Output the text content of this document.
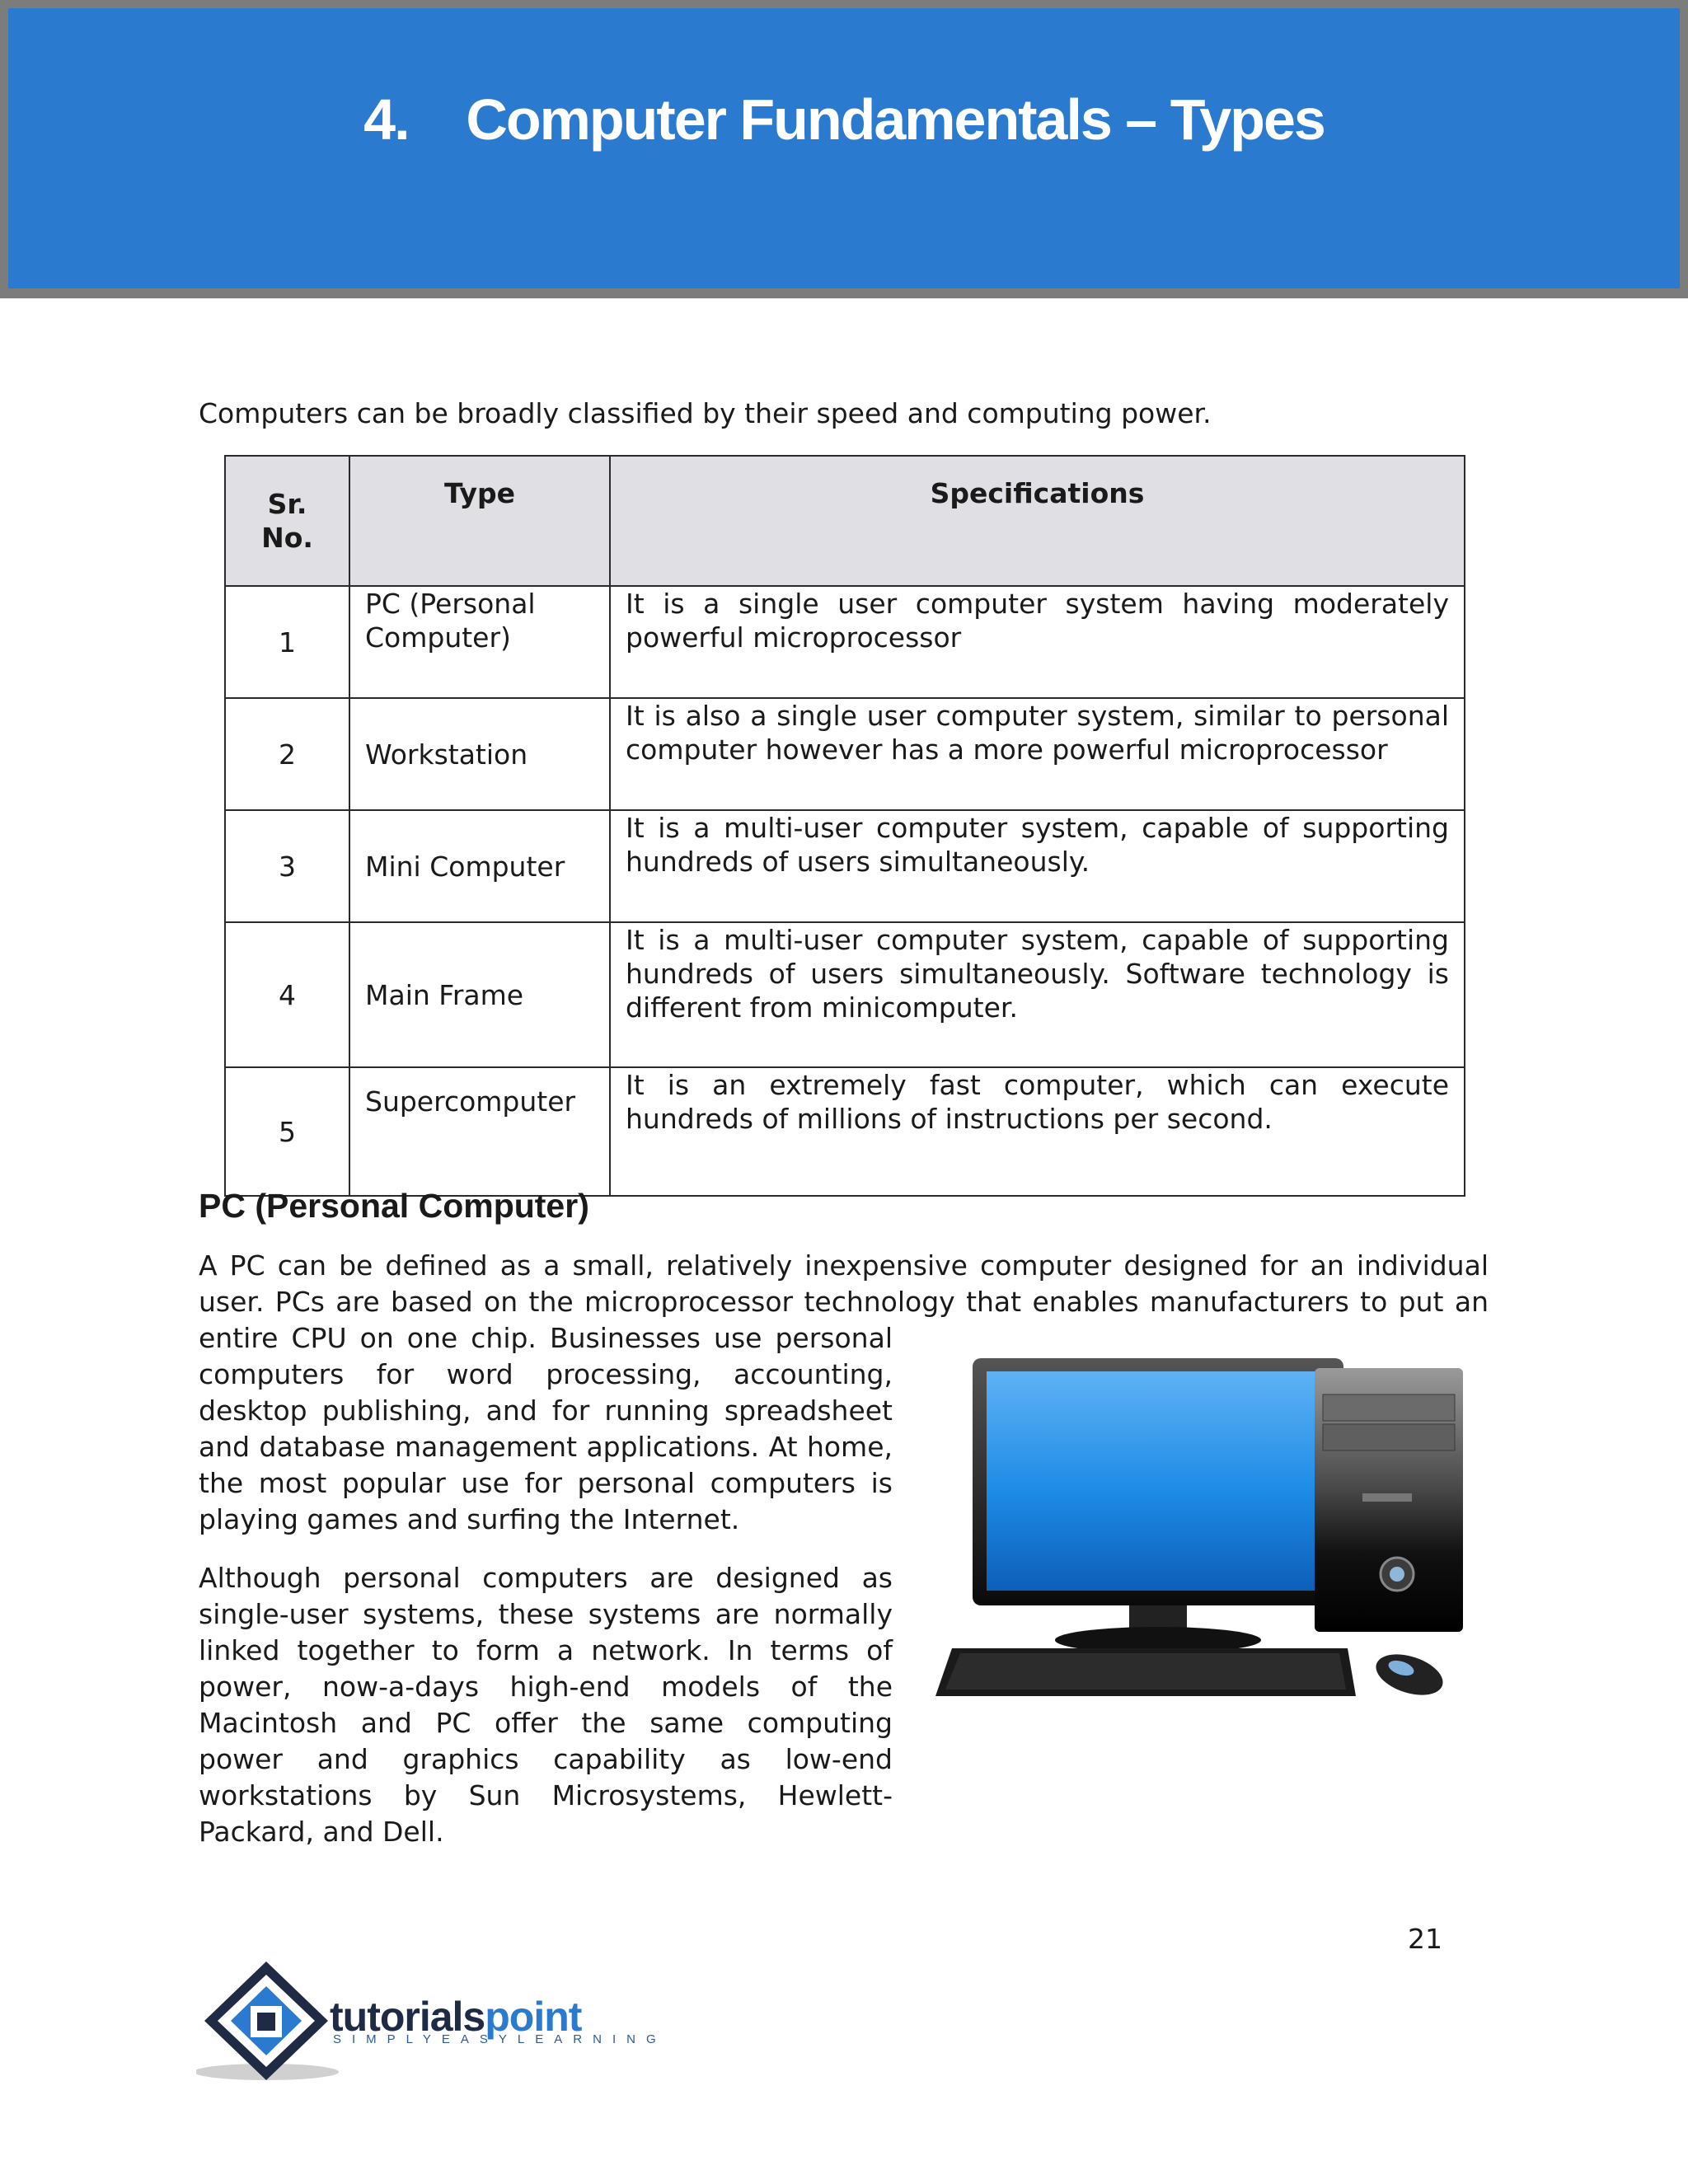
4.    Computer Fundamentals – Types
Computers can be broadly classified by their speed and computing power.
Sr. No.	Type	Specifications
1	PC (Personal Computer)	It is a single user computer system having moderately powerful microprocessor
2	Workstation	It is also a single user computer system, similar to personal computer however has a more powerful microprocessor
3	Mini Computer	It is a multi-user computer system, capable of supporting hundreds of users simultaneously.
4	Main Frame	It is a multi-user computer system, capable of supporting hundreds of users simultaneously. Software technology is different from minicomputer.
5	Supercomputer	It is an extremely fast computer, which can execute hundreds of millions of instructions per second.
PC (Personal Computer)
A PC can be defined as a small, relatively inexpensive computer designed for an individual
user. PCs are based on the microprocessor technology that enables manufacturers to put an

entire CPU on one chip. Businesses use personal computers for word processing, accounting, desktop publishing, and for running spreadsheet and database management applications. At home, the most popular use for personal computers is playing games and surfing the Internet.

Although personal computers are designed as single-user systems, these systems are normally linked together to form a network. In terms of power, now-a-days high-end models of the Macintosh and PC offer the same computing power and graphics capability as low-end workstations by Sun Microsystems, Hewlett-Packard, and Dell.

21
tutorialspoint
SIMPLYEASYLEARNING
